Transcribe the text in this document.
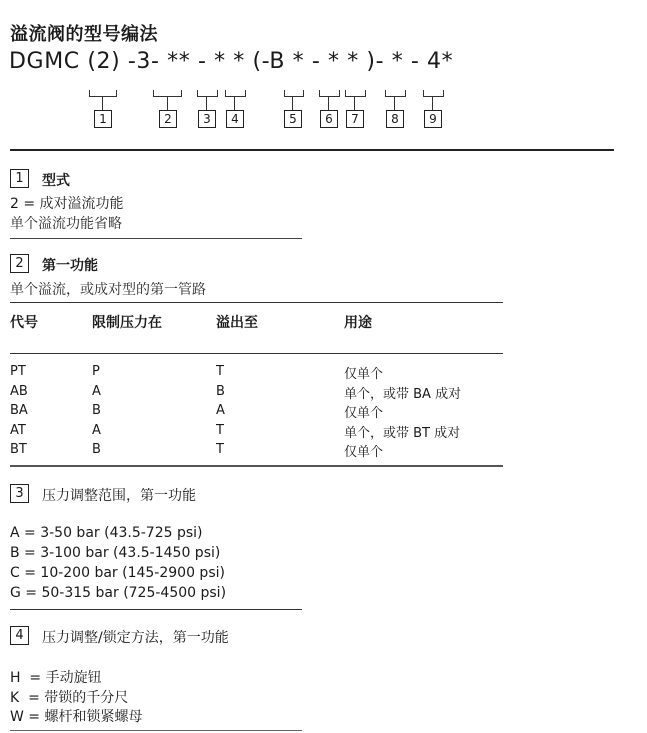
溢流阀的型号编法
DGMC (2) -3- ** - * * (-B * - * * )- * - 4*
1	2	3	4	5	6	7	8	9
1	型式
2 = 成对溢流功能
单个溢流功能省略
2	第一功能
单个溢流，或成对型的第一管路
代号	限制压力在	溢出至	用途
PT	P	T	仅单个
AB	A	B	单个，或带 BA 成对
BA	B	A	仅单个
AT	A	T	单个，或带 BT 成对
BT	B	T	仅单个
3	压力调整范围，第一功能
A = 3-50 bar (43.5-725 psi)
B = 3-100 bar (43.5-1450 psi)
C = 10-200 bar (145-2900 psi)
G = 50-315 bar (725-4500 psi)
4	压力调整/锁定方法，第一功能
H  = 手动旋钮
K  = 带锁的千分尺
W = 螺杆和锁紧螺母
